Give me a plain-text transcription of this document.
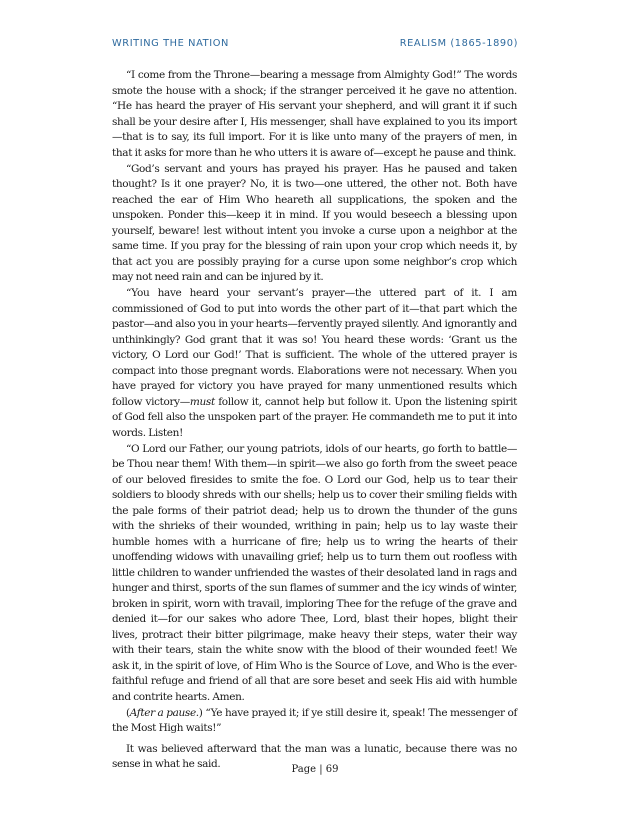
WRITING THE NATION	REALISM (1865-1890)

“I come from the Throne—bearing a message from Almighty God!” The words smote the house with a shock; if the stranger perceived it he gave no attention. “He has heard the prayer of His servant your shepherd, and will grant it if such shall be your desire after I, His messenger, shall have explained to you its import—that is to say, its full import. For it is like unto many of the prayers of men, in that it asks for more than he who utters it is aware of—except he pause and think.

“God’s servant and yours has prayed his prayer. Has he paused and taken thought? Is it one prayer? No, it is two—one uttered, the other not. Both have reached the ear of Him Who heareth all supplications, the spoken and the unspoken. Ponder this—keep it in mind. If you would beseech a blessing upon yourself, beware! lest without intent you invoke a curse upon a neighbor at the same time. If you pray for the blessing of rain upon your crop which needs it, by that act you are possibly praying for a curse upon some neighbor’s crop which may not need rain and can be injured by it.

“You have heard your servant’s prayer—the uttered part of it. I am commissioned of God to put into words the other part of it—that part which the pastor—and also you in your hearts—fervently prayed silently. And ignorantly and unthinkingly? God grant that it was so! You heard these words: ‘Grant us the victory, O Lord our God!’ That is sufficient. The whole of the uttered prayer is compact into those pregnant words. Elaborations were not necessary. When you have prayed for victory you have prayed for many unmentioned results which follow victory—must follow it, cannot help but follow it. Upon the listening spirit of God fell also the unspoken part of the prayer. He commandeth me to put it into words. Listen!

“O Lord our Father, our young patriots, idols of our hearts, go forth to battle—be Thou near them! With them—in spirit—we also go forth from the sweet peace of our beloved firesides to smite the foe. O Lord our God, help us to tear their soldiers to bloody shreds with our shells; help us to cover their smiling fields with the pale forms of their patriot dead; help us to drown the thunder of the guns with the shrieks of their wounded, writhing in pain; help us to lay waste their humble homes with a hurricane of fire; help us to wring the hearts of their unoffending widows with unavailing grief; help us to turn them out roofless with little children to wander unfriended the wastes of their desolated land in rags and hunger and thirst, sports of the sun flames of summer and the icy winds of winter, broken in spirit, worn with travail, imploring Thee for the refuge of the grave and denied it—for our sakes who adore Thee, Lord, blast their hopes, blight their lives, protract their bitter pilgrimage, make heavy their steps, water their way with their tears, stain the white snow with the blood of their wounded feet! We ask it, in the spirit of love, of Him Who is the Source of Love, and Who is the ever-faithful refuge and friend of all that are sore beset and seek His aid with humble and contrite hearts. Amen.

(After a pause.) “Ye have prayed it; if ye still desire it, speak! The messenger of the Most High waits!”

It was believed afterward that the man was a lunatic, because there was no sense in what he said.	Page | 69
